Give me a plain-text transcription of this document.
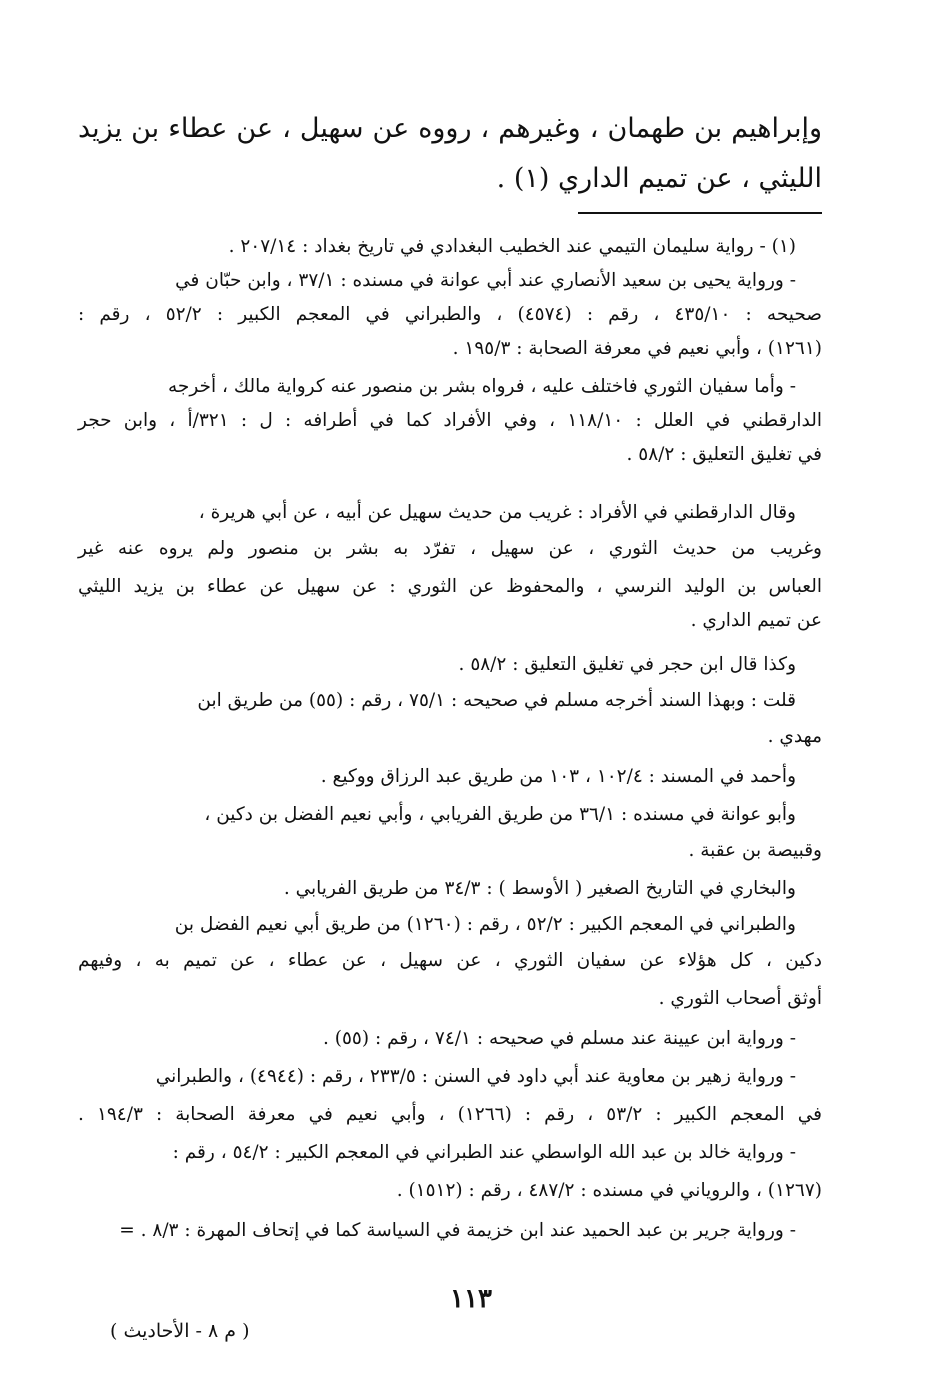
وإبراهيم بن طهمان ، وغيرهم ، رووه عن سهيل ، عن عطاء بن يزيد
الليثي ، عن تميم الداري (١) .
(١) - رواية سليمان التيمي عند الخطيب البغدادي في تاريخ بغداد : ٢٠٧/١٤ .
- ورواية يحيى بن سعيد الأنصاري عند أبي عوانة في مسنده : ٣٧/١ ، وابن حبّان في
صحيحه : ٤٣٥/١٠ ، رقم : (٤٥٧٤) ، والطبراني في المعجم الكبير : ٥٢/٢ ، رقم :
(١٢٦١) ، وأبي نعيم في معرفة الصحابة : ١٩٥/٣ .
- وأما سفيان الثوري فاختلف عليه ، فرواه بشر بن منصور عنه كرواية مالك ، أخرجه
الدارقطني في العلل : ١١٨/١٠ ، وفي الأفراد كما في أطرافه : ل : ٣٢١/أ ، وابن حجر
في تغليق التعليق : ٥٨/٢ .
وقال الدارقطني في الأفراد : غريب من حديث سهيل عن أبيه ، عن أبي هريرة ،
وغريب من حديث الثوري ، عن سهيل ، تفرّد به بشر بن منصور ولم يروه عنه غير
العباس بن الوليد النرسي ، والمحفوظ عن الثوري : عن سهيل عن عطاء بن يزيد الليثي
عن تميم الداري .
وكذا قال ابن حجر في تغليق التعليق : ٥٨/٢ .
قلت : وبهذا السند أخرجه مسلم في صحيحه : ٧٥/١ ، رقم : (٥٥) من طريق ابن
مهدي .
وأحمد في المسند : ١٠٢/٤ ، ١٠٣ من طريق عبد الرزاق ووكيع .
وأبو عوانة في مسنده : ٣٦/١ من طريق الفريابي ، وأبي نعيم الفضل بن دكين ،
وقبيصة بن عقبة .
والبخاري في التاريخ الصغير ( الأوسط ) : ٣٤/٣ من طريق الفريابي .
والطبراني في المعجم الكبير : ٥٢/٢ ، رقم : (١٢٦٠) من طريق أبي نعيم الفضل بن
دكين ، كل هؤلاء عن سفيان الثوري ، عن سهيل ، عن عطاء ، عن تميم به ، وفيهم
أوثق أصحاب الثوري .
- ورواية ابن عيينة عند مسلم في صحيحه : ٧٤/١ ، رقم : (٥٥) .
- ورواية زهير بن معاوية عند أبي داود في السنن : ٢٣٣/٥ ، رقم : (٤٩٤٤) ، والطبراني
في المعجم الكبير : ٥٣/٢ ، رقم : (١٢٦٦) ، وأبي نعيم في معرفة الصحابة : ١٩٤/٣ .
- ورواية خالد بن عبد الله الواسطي عند الطبراني في المعجم الكبير : ٥٤/٢ ، رقم :
(١٢٦٧) ، والروياني في مسنده : ٤٨٧/٢ ، رقم : (١٥١٢) .
- ورواية جرير بن عبد الحميد عند ابن خزيمة في السياسة كما في إتحاف المهرة : ٨/٣ . =
١١٣
( م ٨ - الأحاديث )
